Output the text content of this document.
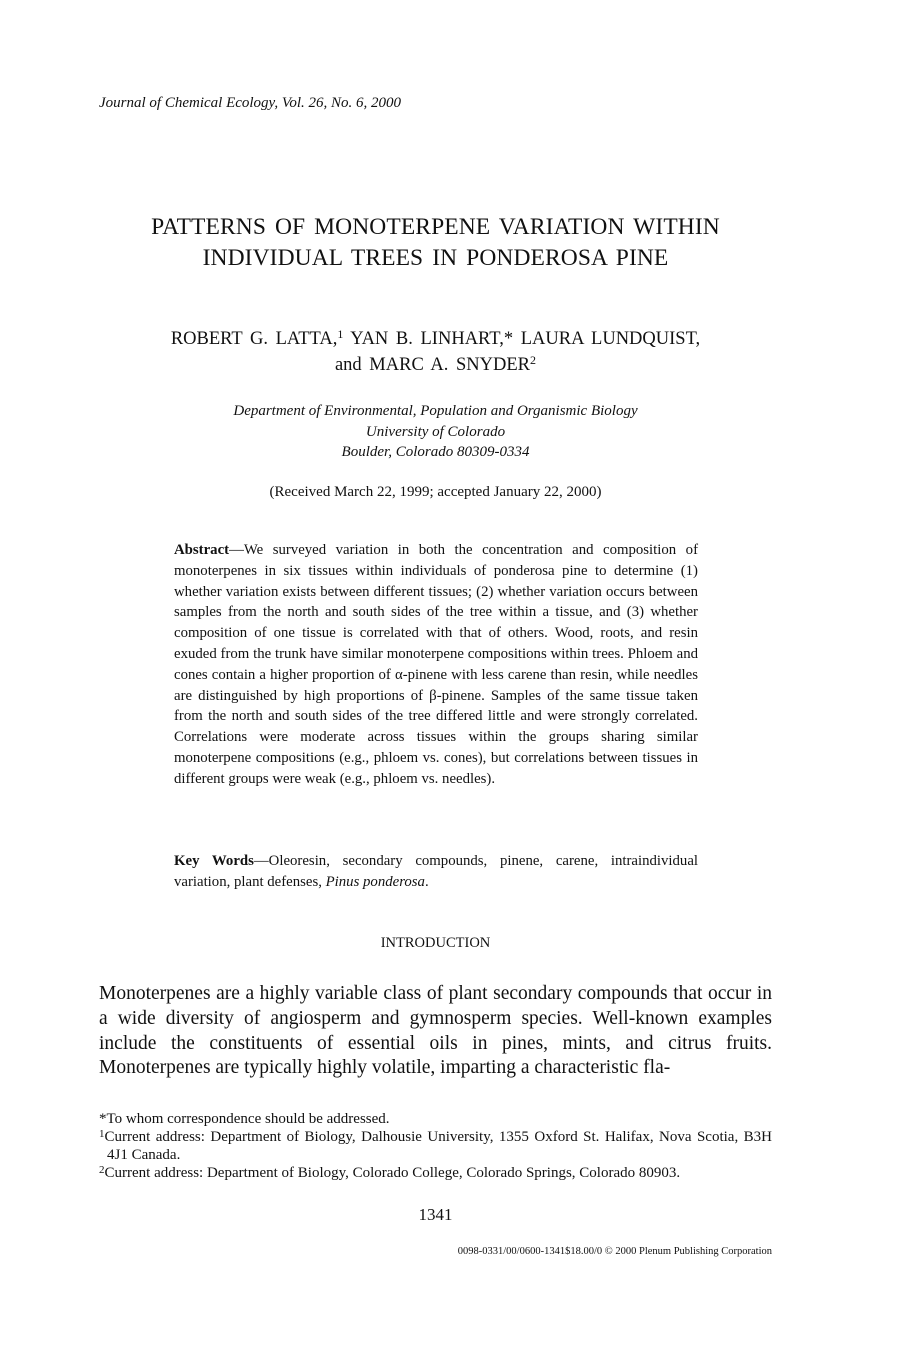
Journal of Chemical Ecology, Vol. 26, No. 6, 2000
PATTERNS OF MONOTERPENE VARIATION WITHIN
INDIVIDUAL TREES IN PONDEROSA PINE
ROBERT G. LATTA,$^1$ YAN B. LINHART,* LAURA LUNDQUIST,
and MARC A. SNYDER$^2$
Department of Environmental, Population and Organismic Biology
University of Colorado
Boulder, Colorado 80309-0334
(Received March 22, 1999; accepted January 22, 2000)
Abstract—We surveyed variation in both the concentration and composition of monoterpenes in six tissues within individuals of ponderosa pine to determine (1) whether variation exists between different tissues; (2) whether variation occurs between samples from the north and south sides of the tree within a tissue, and (3) whether composition of one tissue is correlated with that of others. Wood, roots, and resin exuded from the trunk have similar monoterpene compositions within trees. Phloem and cones contain a higher proportion of α-pinene with less carene than resin, while needles are distinguished by high proportions of β-pinene. Samples of the same tissue taken from the north and south sides of the tree differed little and were strongly correlated. Correlations were moderate across tissues within the groups sharing similar monoterpene compositions (e.g., phloem vs. cones), but correlations between tissues in different groups were weak (e.g., phloem vs. needles).
Key Words—Oleoresin, secondary compounds, pinene, carene, intraindividual variation, plant defenses, Pinus ponderosa.
INTRODUCTION
Monoterpenes are a highly variable class of plant secondary compounds that occur in a wide diversity of angiosperm and gymnosperm species. Well-known examples include the constituents of essential oils in pines, mints, and citrus fruits. Monoterpenes are typically highly volatile, imparting a characteristic fla-
*To whom correspondence should be addressed.
$^1$Current address: Department of Biology, Dalhousie University, 1355 Oxford St. Halifax, Nova Scotia, B3H 4J1 Canada.
$^2$Current address: Department of Biology, Colorado College, Colorado Springs, Colorado 80903.
1341
0098-0331/00/0600-1341$18.00/0 © 2000 Plenum Publishing Corporation
